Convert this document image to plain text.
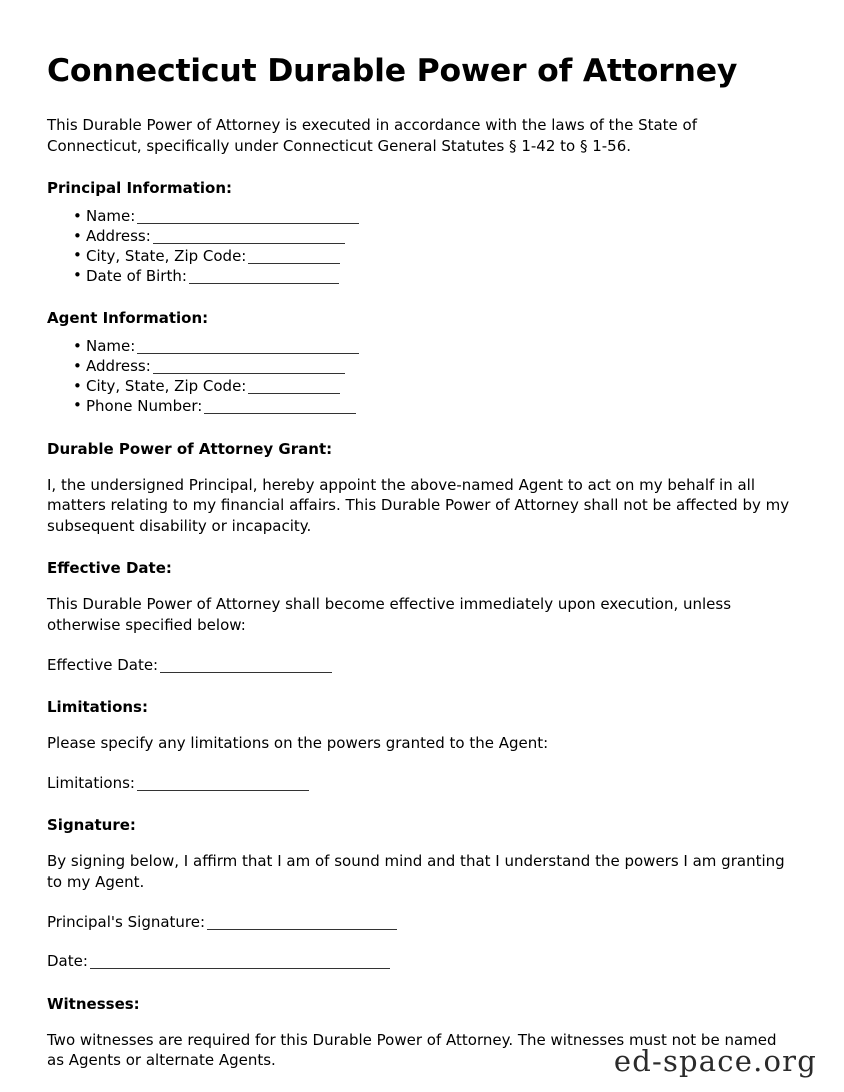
Connecticut Durable Power of Attorney

This Durable Power of Attorney is executed in accordance with the laws of the State of Connecticut, specifically under Connecticut General Statutes § 1-42 to § 1-56.

Principal Information:
• Name:
• Address:
• City, State, Zip Code:
• Date of Birth:
Agent Information:
• Name:
• Address:
• City, State, Zip Code:
• Phone Number:
Durable Power of Attorney Grant:

I, the undersigned Principal, hereby appoint the above-named Agent to act on my behalf in all matters relating to my financial affairs. This Durable Power of Attorney shall not be affected by my subsequent disability or incapacity.

Effective Date:

This Durable Power of Attorney shall become effective immediately upon execution, unless otherwise specified below:

Effective Date:

Limitations:

Please specify any limitations on the powers granted to the Agent:

Limitations:

Signature:

By signing below, I affirm that I am of sound mind and that I understand the powers I am granting to my Agent.

Principal's Signature:

Date:

Witnesses:

Two witnesses are required for this Durable Power of Attorney. The witnesses must not be named as Agents or alternate Agents.	ed-space.org
